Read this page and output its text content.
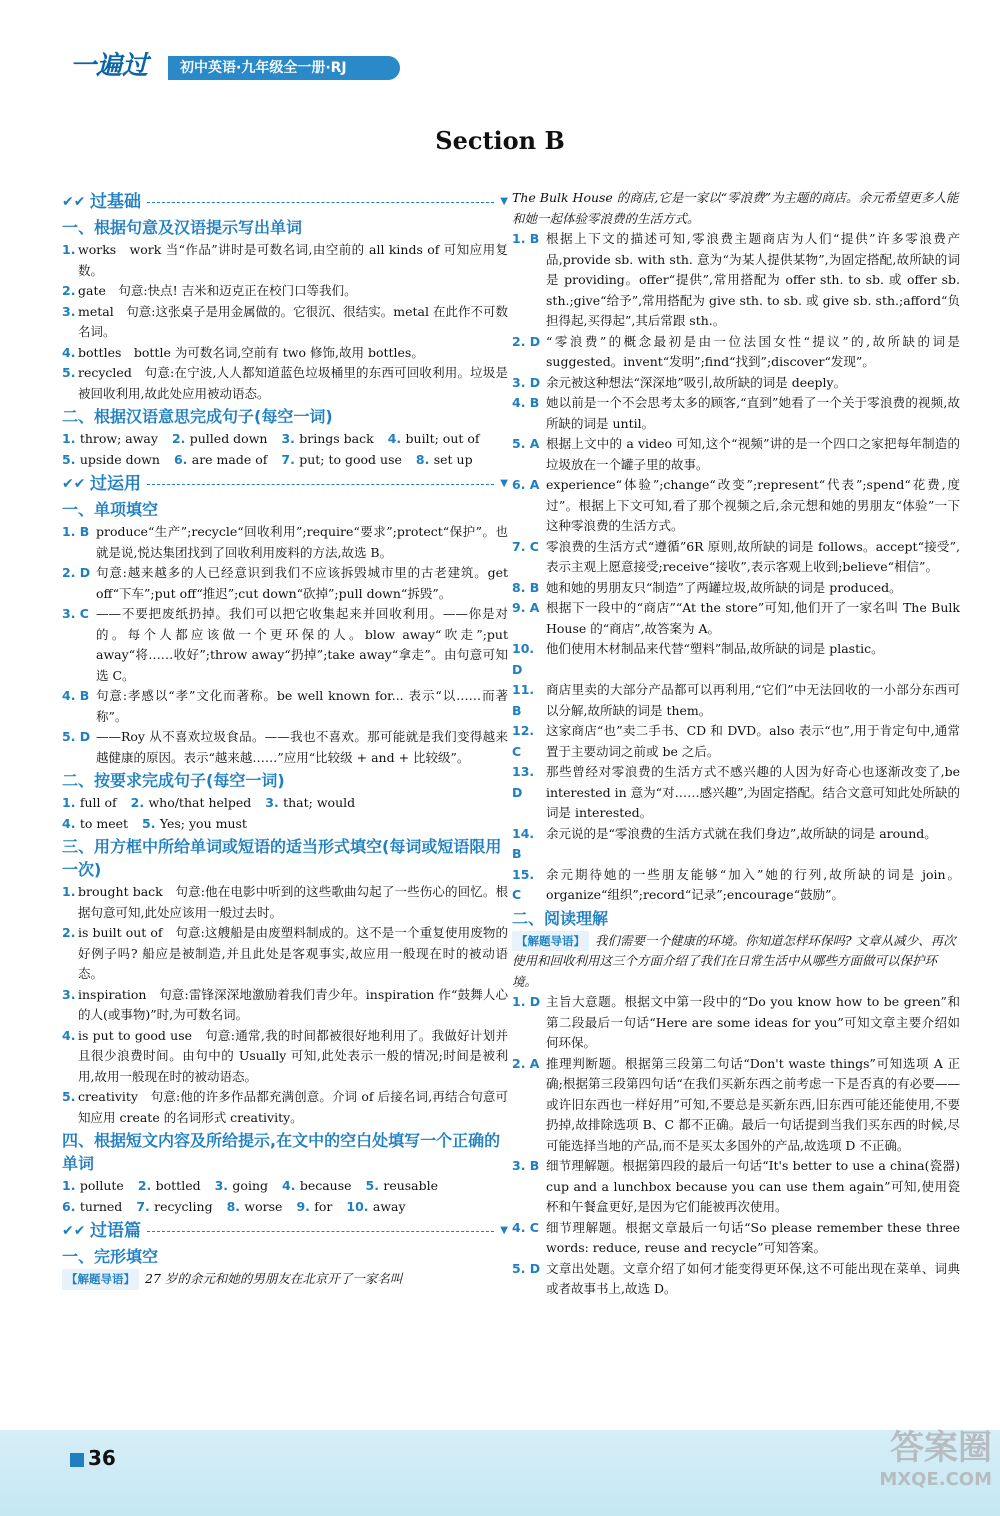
一遍过	初中英语·九年级全一册·RJ
Section B
✔✔ 过基础	▼
一、根据句意及汉语提示写出单词
1. works　work 当“作品”讲时是可数名词,由空前的 all kinds of 可知应用复数。
2. gate　句意:快点! 吉米和迈克正在校门口等我们。
3. metal　句意:这张桌子是用金属做的。它很沉、很结实。metal 在此作不可数名词。
4. bottles　bottle 为可数名词,空前有 two 修饰,故用 bottles。
5. recycled　句意:在宁波,人人都知道蓝色垃圾桶里的东西可回收利用。垃圾是被回收利用,故此处应用被动语态。
二、根据汉语意思完成句子(每空一词)
1. throw; away 2. pulled down 3. brings back 4. built; out of
5. upside down 6. are made of 7. put; to good use 8. set up
✔✔ 过运用	▼
一、单项填空
1. B produce“生产”;recycle“回收利用”;require“要求”;protect“保护”。也就是说,悦达集团找到了回收利用废料的方法,故选 B。
2. D 句意:越来越多的人已经意识到我们不应该拆毁城市里的古老建筑。get off“下车”;put off“推迟”;cut down“砍掉”;pull down“拆毁”。
3. C ——不要把废纸扔掉。我们可以把它收集起来并回收利用。——你是对的。每个人都应该做一个更环保的人。blow away“吹走”;put away“将……收好”;throw away“扔掉”;take away“拿走”。由句意可知选 C。
4. B 句意:孝感以“孝”文化而著称。be well known for... 表示“以……而著称”。
5. D ——Roy 从不喜欢垃圾食品。——我也不喜欢。那可能就是我们变得越来越健康的原因。表示“越来越……”应用“比较级 + and + 比较级”。
二、按要求完成句子(每空一词)
1. full of 2. who/that helped 3. that; would
4. to meet 5. Yes; you must
三、用方框中所给单词或短语的适当形式填空(每词或短语限用一次)
1. brought back　句意:他在电影中听到的这些歌曲勾起了一些伤心的回忆。根据句意可知,此处应该用一般过去时。
2. is built out of　句意:这艘船是由废塑料制成的。这不是一个重复使用废物的好例子吗? 船应是被制造,并且此处是客观事实,故应用一般现在时的被动语态。
3. inspiration　句意:雷锋深深地激励着我们青少年。inspiration 作“鼓舞人心的人(或事物)”时,为可数名词。
4. is put to good use　句意:通常,我的时间都被很好地利用了。我做好计划并且很少浪费时间。由句中的 Usually 可知,此处表示一般的情况;时间是被利用,故用一般现在时的被动语态。
5. creativity　句意:他的许多作品都充满创意。介词 of 后接名词,再结合句意可知应用 create 的名词形式 creativity。
四、根据短文内容及所给提示,在文中的空白处填写一个正确的单词
1. pollute 2. bottled 3. going 4. because 5. reusable
6. turned 7. recycling 8. worse 9. for 10. away
✔✔ 过语篇	▼
一、完形填空
【解题导语】 27 岁的余元和她的男朋友在北京开了一家名叫
The Bulk House 的商店,它是一家以“零浪费”为主题的商店。余元希望更多人能和她一起体验零浪费的生活方式。
1. B 根据上下文的描述可知,零浪费主题商店为人们“提供”许多零浪费产品,provide sb. with sth. 意为“为某人提供某物”,为固定搭配,故所缺的词是 providing。offer“提供”,常用搭配为 offer sth. to sb. 或 offer sb. sth.;give“给予”,常用搭配为 give sth. to sb. 或 give sb. sth.;afford“负担得起,买得起”,其后常跟 sth.。
2. D “零浪费”的概念最初是由一位法国女性“提议”的,故所缺的词是 suggested。invent“发明”;find“找到”;discover“发现”。
3. D 余元被这种想法“深深地”吸引,故所缺的词是 deeply。
4. B 她以前是一个不会思考太多的顾客,“直到”她看了一个关于零浪费的视频,故所缺的词是 until。
5. A 根据上文中的 a video 可知,这个“视频”讲的是一个四口之家把每年制造的垃圾放在一个罐子里的故事。
6. A experience“体验”;change“改变”;represent“代表”;spend“花费,度过”。根据上下文可知,看了那个视频之后,余元想和她的男朋友“体验”一下这种零浪费的生活方式。
7. C 零浪费的生活方式“遵循”6R 原则,故所缺的词是 follows。accept“接受”,表示主观上愿意接受;receive“接收”,表示客观上收到;believe“相信”。
8. B 她和她的男朋友只“制造”了两罐垃圾,故所缺的词是 produced。
9. A 根据下一段中的“商店”“At the store”可知,他们开了一家名叫 The Bulk House 的“商店”,故答案为 A。
10. D
他们使用木材制品来代替“塑料”制品,故所缺的词是 plastic。
11. B
商店里卖的大部分产品都可以再利用,“它们”中无法回收的一小部分东西可以分解,故所缺的词是 them。
12. C
这家商店“也”卖二手书、CD 和 DVD。also 表示“也”,用于肯定句中,通常置于主要动词之前或 be 之后。
13. D
那些曾经对零浪费的生活方式不感兴趣的人因为好奇心也逐渐改变了,be interested in 意为“对……感兴趣”,为固定搭配。结合文意可知此处所缺的词是 interested。
14. B
余元说的是“零浪费的生活方式就在我们身边”,故所缺的词是 around。
15. C
余元期待她的一些朋友能够“加入”她的行列,故所缺的词是 join。organize“组织”;record“记录”;encourage“鼓励”。
二、阅读理解
【解题导语】 我们需要一个健康的环境。你知道怎样环保吗? 文章从减少、再次使用和回收利用这三个方面介绍了我们在日常生活中从哪些方面做可以保护环境。
1. D 主旨大意题。根据文中第一段中的“Do you know how to be green”和第二段最后一句话“Here are some ideas for you”可知文章主要介绍如何环保。
2. A 推理判断题。根据第三段第二句话“Don't waste things”可知选项 A 正确;根据第三段第四句话“在我们买新东西之前考虑一下是否真的有必要——或许旧东西也一样好用”可知,不要总是买新东西,旧东西可能还能使用,不要扔掉,故排除选项 B、C 都不正确。最后一句话提到当我们买东西的时候,尽可能选择当地的产品,而不是买太多国外的产品,故选项 D 不正确。
3. B 细节理解题。根据第四段的最后一句话“It's better to use a china(瓷器) cup and a lunchbox because you can use them again”可知,使用瓷杯和午餐盒更好,是因为它们能被再次使用。
4. C 细节理解题。根据文章最后一句话“So please remember these three words: reduce, reuse and recycle”可知答案。
5. D 文章出处题。文章介绍了如何才能变得更环保,这不可能出现在菜单、词典或者故事书上,故选 D。
36	答案圈
MXQE.COM
